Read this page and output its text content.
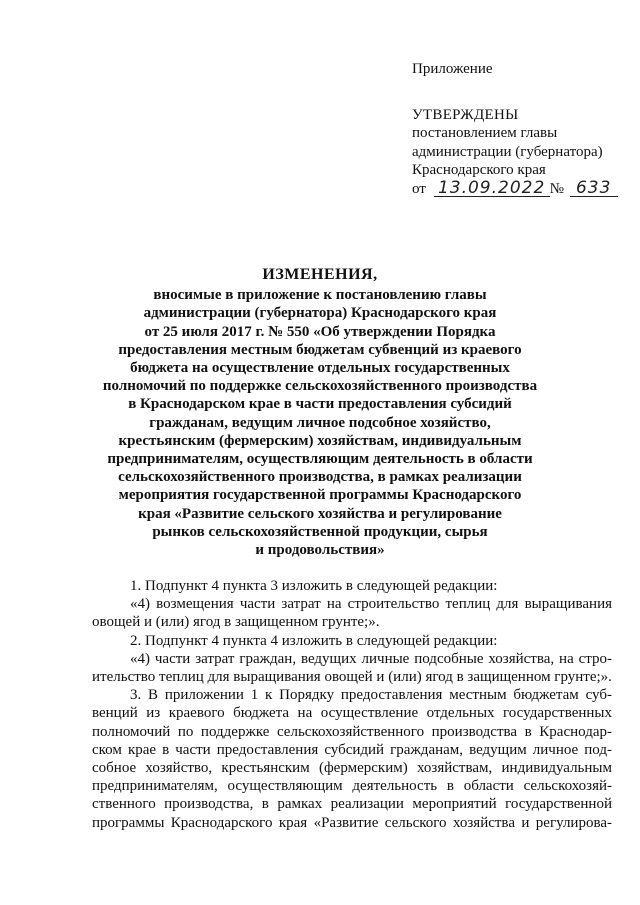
Приложение
УТВЕРЖДЕНЫ
постановлением главы
администрации (губернатора)
Краснодарского края
от 13.09.2022 № 633
ИЗМЕНЕНИЯ,
вносимые в приложение к постановлению главы
администрации (губернатора) Краснодарского края
от 25 июля 2017 г. № 550 «Об утверждении Порядка
предоставления местным бюджетам субвенций из краевого
бюджета на осуществление отдельных государственных
полномочий по поддержке сельскохозяйственного производства
в Краснодарском крае в части предоставления субсидий
гражданам, ведущим личное подсобное хозяйство,
крестьянским (фермерским) хозяйствам, индивидуальным
предпринимателям, осуществляющим деятельность в области
сельскохозяйственного производства, в рамках реализации
мероприятия государственной программы Краснодарского
края «Развитие сельского хозяйства и регулирование
рынков сельскохозяйственной продукции, сырья
и продовольствия»

1. Подпункт 4 пункта 3 изложить в следующей редакции:

«4) возмещения части затрат на строительство теплиц для выращивания овощей и (или) ягод в защищенном грунте;».

2. Подпункт 4 пункта 4 изложить в следующей редакции:

«4) части затрат граждан, ведущих личные подсобные хозяйства, на стро-ительство теплиц для выращивания овощей и (или) ягод в защищенном грунте;».

3. В приложении 1 к Порядку предоставления местным бюджетам суб-венций из краевого бюджета на осуществление отдельных государственных полномочий по поддержке сельскохозяйственного производства в Краснодар-ском крае в части предоставления субсидий гражданам, ведущим личное под-собное хозяйство, крестьянским (фермерским) хозяйствам, индивидуальным предпринимателям, осуществляющим деятельность в области сельскохозяй-ственного производства, в рамках реализации мероприятий государственной программы Краснодарского края «Развитие сельского хозяйства и регулирова-
